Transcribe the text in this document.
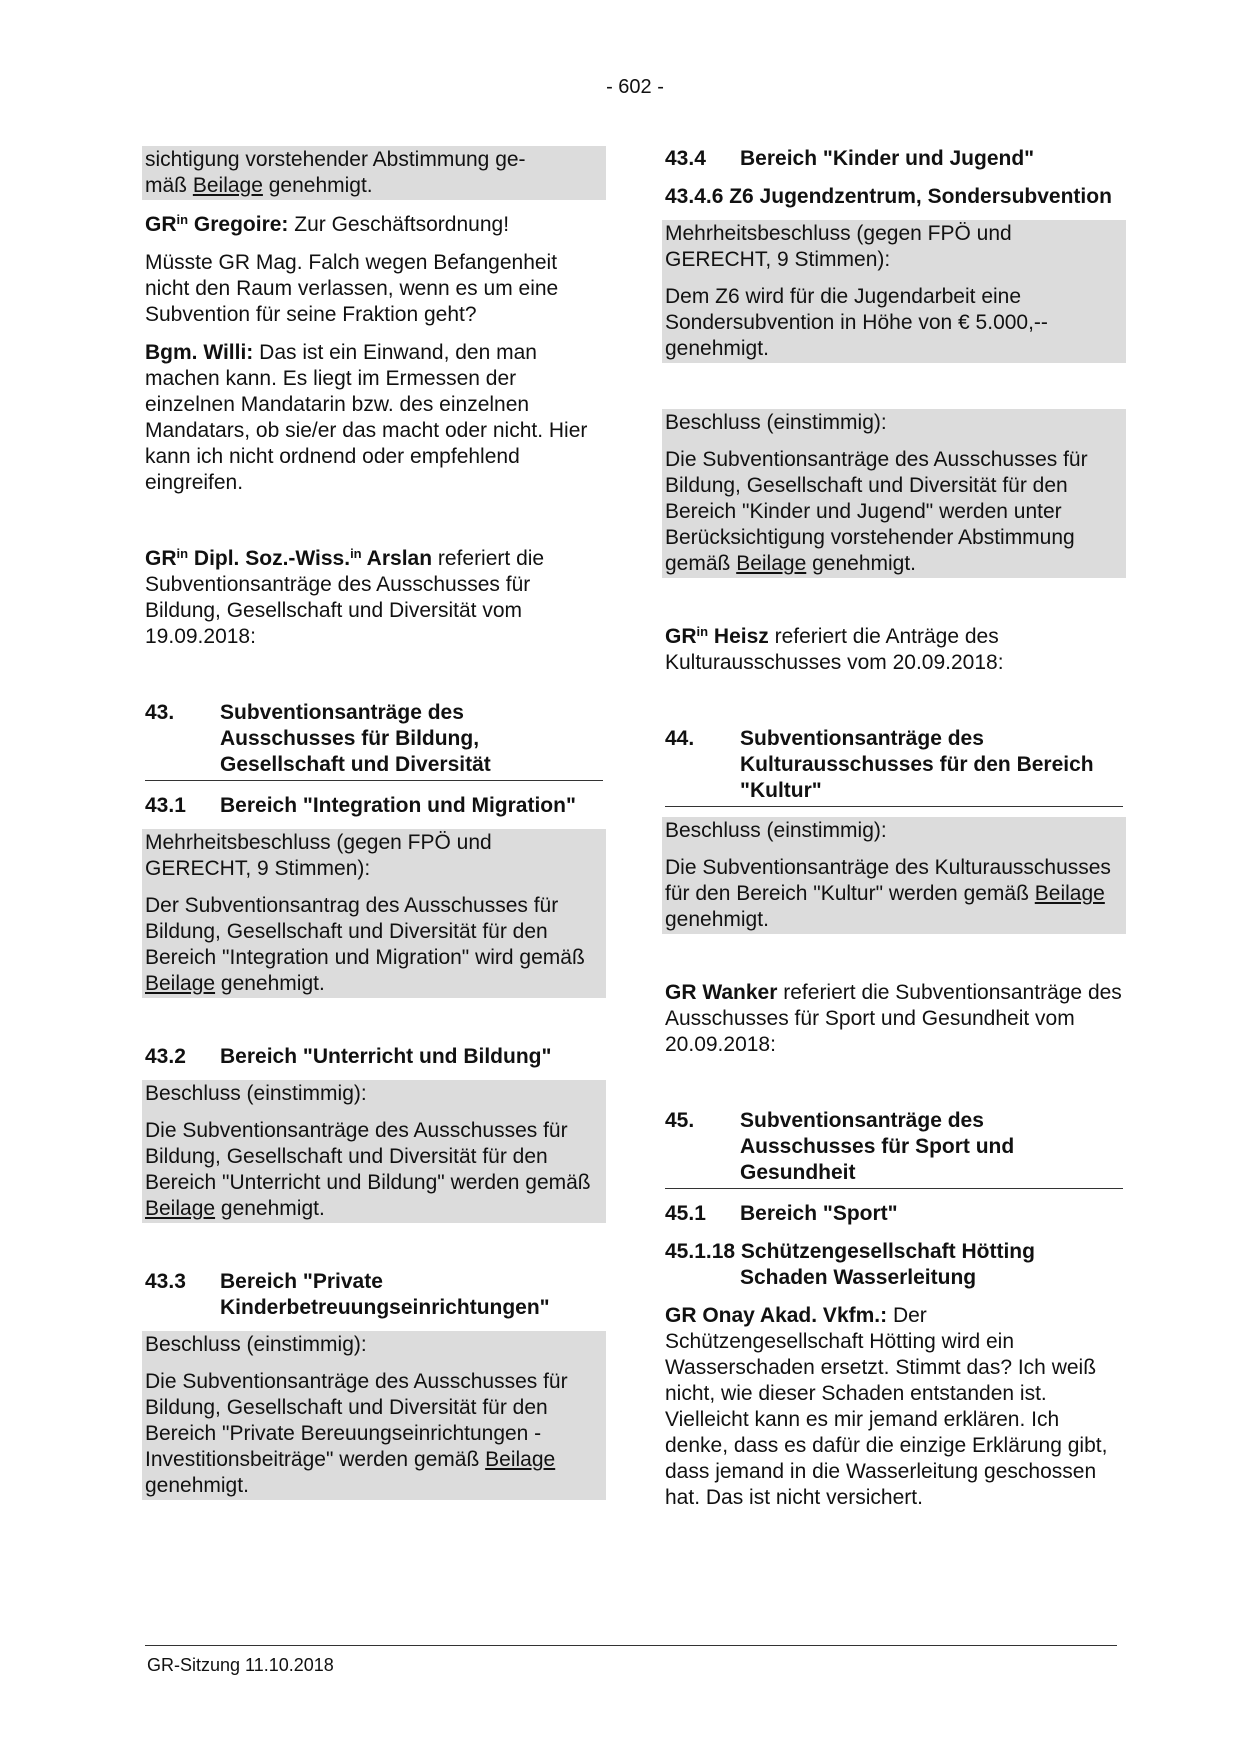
- 602 -

sichtigung vorstehender Abstimmung ge-
mäß Beilage genehmigt.

$GR^{in}$ Gregoire: Zur Geschäftsordnung!

Müsste GR Mag. Falch wegen Befangenheit nicht den Raum verlassen, wenn es um eine Subvention für seine Fraktion geht?

Bgm. Willi: Das ist ein Einwand, den man machen kann. Es liegt im Ermessen der einzelnen Mandatarin bzw. des einzelnen Mandatars, ob sie/er das macht oder nicht. Hier kann ich nicht ordnend oder empfehlend eingreifen.

$GR^{in}$ Dipl. Soz.-Wiss.$^{in}$ Arslan referiert die Subventionsanträge des Ausschusses für Bildung, Gesellschaft und Diversität vom 19.09.2018:

43.	Subventionsanträge des Ausschusses für Bildung, Gesellschaft und Diversität
43.1	Bereich "Integration und Migration"

Mehrheitsbeschluss (gegen FPÖ und GERECHT, 9 Stimmen):

Der Subventionsantrag des Ausschusses für Bildung, Gesellschaft und Diversität für den Bereich "Integration und Migration" wird gemäß Beilage genehmigt.

43.2	Bereich "Unterricht und Bildung"

Beschluss (einstimmig):

Die Subventionsanträge des Ausschusses für Bildung, Gesellschaft und Diversität für den Bereich "Unterricht und Bildung" werden gemäß Beilage genehmigt.

43.3	Bereich "Private Kinderbetreuungseinrichtungen"

Beschluss (einstimmig):

Die Subventionsanträge des Ausschusses für Bildung, Gesellschaft und Diversität für den Bereich "Private Bereuungseinrichtungen - Investitionsbeiträge" werden gemäß Beilage genehmigt.

43.4	Bereich "Kinder und Jugend"

43.4.6 Z6 Jugendzentrum, Sondersubvention

Mehrheitsbeschluss (gegen FPÖ und GERECHT, 9 Stimmen):

Dem Z6 wird für die Jugendarbeit eine Sondersubvention in Höhe von € 5.000,-- genehmigt.

Beschluss (einstimmig):

Die Subventionsanträge des Ausschusses für Bildung, Gesellschaft und Diversität für den Bereich "Kinder und Jugend" werden unter Berücksichtigung vorstehender Abstimmung gemäß Beilage genehmigt.

$GR^{in}$ Heisz referiert die Anträge des Kulturausschusses vom 20.09.2018:

44.	Subventionsanträge des Kulturausschusses für den Bereich "Kultur"

Beschluss (einstimmig):

Die Subventionsanträge des Kulturausschusses für den Bereich "Kultur" werden gemäß Beilage genehmigt.

GR Wanker referiert die Subventionsanträge des Ausschusses für Sport und Gesundheit vom 20.09.2018:

45.	Subventionsanträge des Ausschusses für Sport und Gesundheit
45.1	Bereich "Sport"

45.1.18 Schützengesellschaft Hötting Schaden Wasserleitung

GR Onay Akad. Vkfm.: Der Schützengesellschaft Hötting wird ein Wasserschaden ersetzt. Stimmt das? Ich weiß nicht, wie dieser Schaden entstanden ist. Vielleicht kann es mir jemand erklären. Ich denke, dass es dafür die einzige Erklärung gibt, dass jemand in die Wasserleitung geschossen hat. Das ist nicht versichert.

GR-Sitzung 11.10.2018
